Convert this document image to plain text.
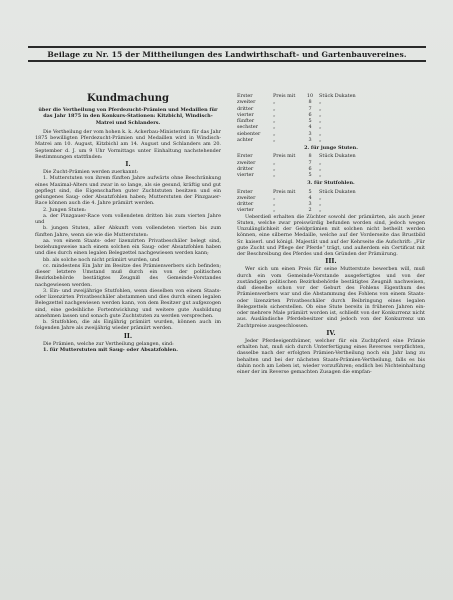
Beilage zu Nr. 15 der Mittheilungen des Landwirthschaft- und Gartenbauvereines.
Kundmachung
über die Vertheilung von Pferdezucht-Prämien und Medaillen für das Jahr 1875 in den Konkurs-Stationen: Kitzbichl, Windisch-Matrei und Schlanders.

Die Vertheilung der vom hohen k. k. Ackerbau-Ministerium für das Jahr 1875 bewilligten Pferdezucht-Prämien und Medaillen wird in Windisch-Matrei am 10. August, Kitzbichl am 14. August und Schlanders am 20. September d. J. um 9 Uhr Vormittags unter Einhaltung nachstehender Bestimmungen stattfinden:

I.

Die Zucht-Prämien werden zuerkannt:

1. Mutterstuten von ihrem fünften Jahre aufwärts ohne Beschränkung eines Maximal-Alters und zwar in so lange, als sie gesund, kräftig und gut gepflegt sind, die Eigenschaften guter Zuchtstuten besitzen und ein gelungenes Saug- oder Absatzfohlen haben; Mutterstuten der Pinzgauer-Race können auch die 4. Jahre prämiirt werden.

2. Jungen Stuten:

a. der Pinzgauer-Race vom vollendeten dritten bis zum vierten Jahre und

b. jungen Stuten, aller Abkunft vom vollendeten vierten bis zum fünften Jahre, wenn sie wie die Mutterstuten:

aa. von einem Staats- oder lizenzirten Privatbeschäler belegt sind, beziehungsweise nach einem solchen ein Saug- oder Absatzfohlen haben und dies durch einen legalen Belegzettel nachgewiesen werden kann;

bb. als solche noch nicht prämiirt wurden, und

cc. mindestens Ein Jahr im Besitze des Prämienwerbers sich befinden; dieser letztere Umstand muß durch ein von der politischen Bezirksbehörde bestätigtes Zeugniß des Gemeinde-Vorstandes nachgewiesen werden.

3. Ein- und zweijährige Stutfohlen, wenn dieselben von einem Staats- oder lizenzirten Privatbeschäler abstammen und dies durch einen legalen Belegzettel nachgewiesen werden kann, von dem Besitzer gut aufgezogen sind, eine gedeihliche Fortentwicklung und weitere gute Ausbildung annehmen lassen und sonach gute Zuchtstuten zu werden versprechen.

b. Stutfohlen, die als Einjährig prämiirt wurden, können auch im folgenden Jahre als zweijährig wieder prämiirt werden.

II.

Die Prämien, welche zur Vertheilung gelangen, sind:

1. für Mutterstuten mit Saug- oder Absatzfohlen.

Erster	Preis mit	10	Stück Dukaten
zweiter	„	8	„
dritter	„	7	„
vierter	„	6	„
fünfter	„	5	„
sechster	„	4	„
siebenter	„	3	„
achter	„	3	„
2. für junge Stuten.
Erster	Preis mit	8	Stück Dukaten
zweiter	„	7	„
dritter	„	6	„
vierter	„	5	„
3. für Stutfohlen.
Erster	Preis mit	5	Stück Dukaten
zweiter	„	4	„
dritter	„	3	„
vierter	„	2	„

Ueberdieß erhalten die Züchter sowohl der prämiirten, als auch jener Stuten, welche zwar preiswürdig befunden worden sind, jedoch wegen Unzulänglichkeit der Geldprämien mit solchen nicht betheilt werden können, eine silberne Medaille, welche auf der Vorderseite das Brustbild Sr. kaiserl. und königl. Majestät und auf der Kehrseite die Aufschrift: „Für gute Zucht und Pflege der Pferde“ trägt, und außerdem ein Certificat mit der Beschreibung des Pferdes und den Gründen der Prämiirung.

III.

Wer sich um einen Preis für seine Mutterstute bewerben will, muß durch ein vom Gemeinde-Vorstande ausgefertigtes und von der zuständigen politischen Bezirksbehörde bestätigtes Zeugniß nachweisen, daß dieselbe schon vor der Geburt des Fohlens Eigenthum des Prämienwerbers war und die Abstammung des Fohlens von einem Staats- oder lizenzirten Privatbeschäler durch Beibringung eines legalen Belegzettels sicherstellen. Ob eine Stute bereits in früheren Jahren ein- oder mehrere Male prämiirt worden ist, schließt von der Konkurrenz nicht aus. Ausländische Pferdebesitzer sind jedoch von der Konkurrenz um Zuchtpreise ausgeschlossen.

IV.

Jeder Pferdeeigenthümer, welcher für ein Zuchtpferd eine Prämie erhalten hat, muß sich durch Unterfertigung eines Reverses verpflichten, dasselbe nach der erfolgten Prämien-Vertheilung noch ein Jahr lang zu behalten und bei der nächsten Staats-Prämien-Vertheilung, falls es bis dahin noch am Leben ist, wieder vorzuführen; endlich bei Nichteinhaltung einer der im Reverse gemachten Zusagen die empfan-
